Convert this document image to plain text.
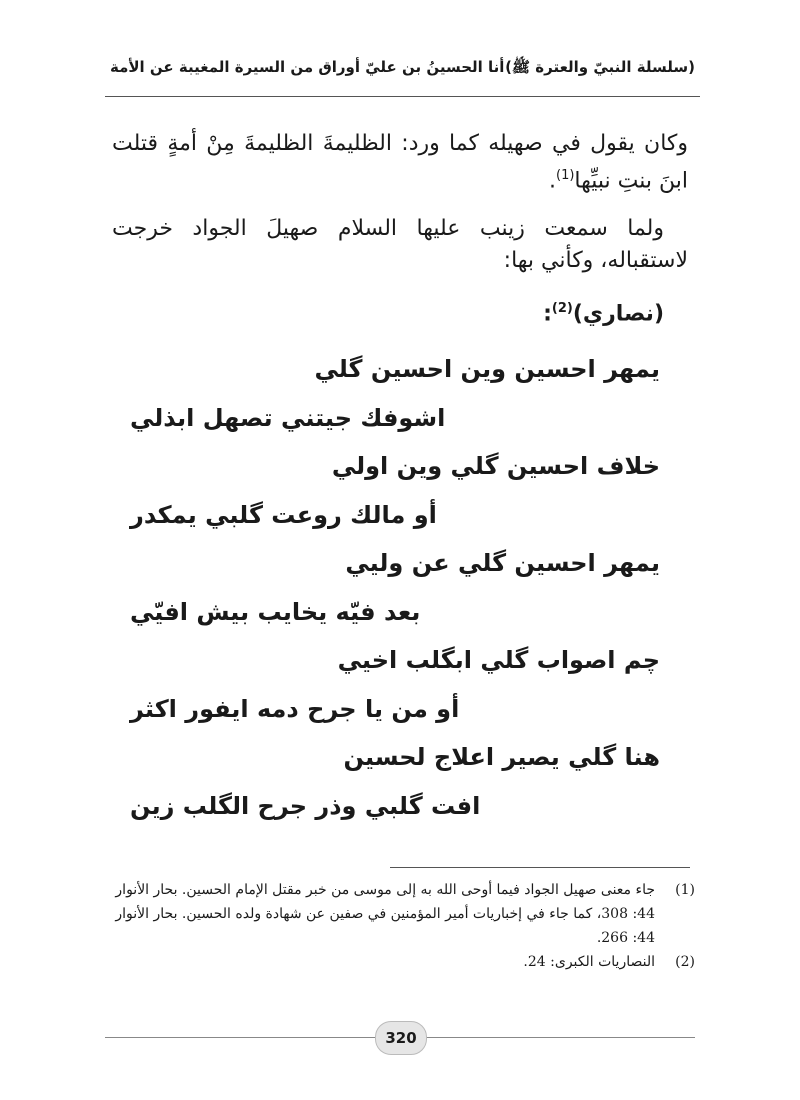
(سلسلة النبيّ والعترة ﷺ)
أنا الحسينُ بن عليّ أوراق من السيرة المغيبة عن الأمة

وكان يقول في صهيله كما ورد: الظليمةَ الظليمةَ مِنْ أمةٍ قتلت ابنَ بنتِ نبيِّها$^{(1)}$.

ولما سمعت زينب عليها السلام صهيلَ الجواد خرجت لاستقباله، وكأني بها:

(نصاري)$^{(2)}$:

يمهر احسين وين احسين گلي
اشوفك جيتني تصهل ابذلي
خلاف احسين گلي وين اولي
أو مالك روعت گلبي يمكدر
يمهر احسين گلي عن وليي
بعد فيّه يخايب بيش افيّي
چم اصواب گلي ابگلب اخيي
أو من يا جرح دمه ايفور اكثر
هنا گلي يصير اعلاج لحسين
افت گلبي وذر جرح الگلب زين
(1)
جاء معنى صهيل الجواد فيما أوحى الله به إلى موسى من خبر مقتل الإمام الحسين. بحار الأنوار 44: 308، كما جاء في إخباريات أمير المؤمنين في صفين عن شهادة ولده الحسين. بحار الأنوار 44: 266.
(2)
النصاريات الكبرى: 24.
320
